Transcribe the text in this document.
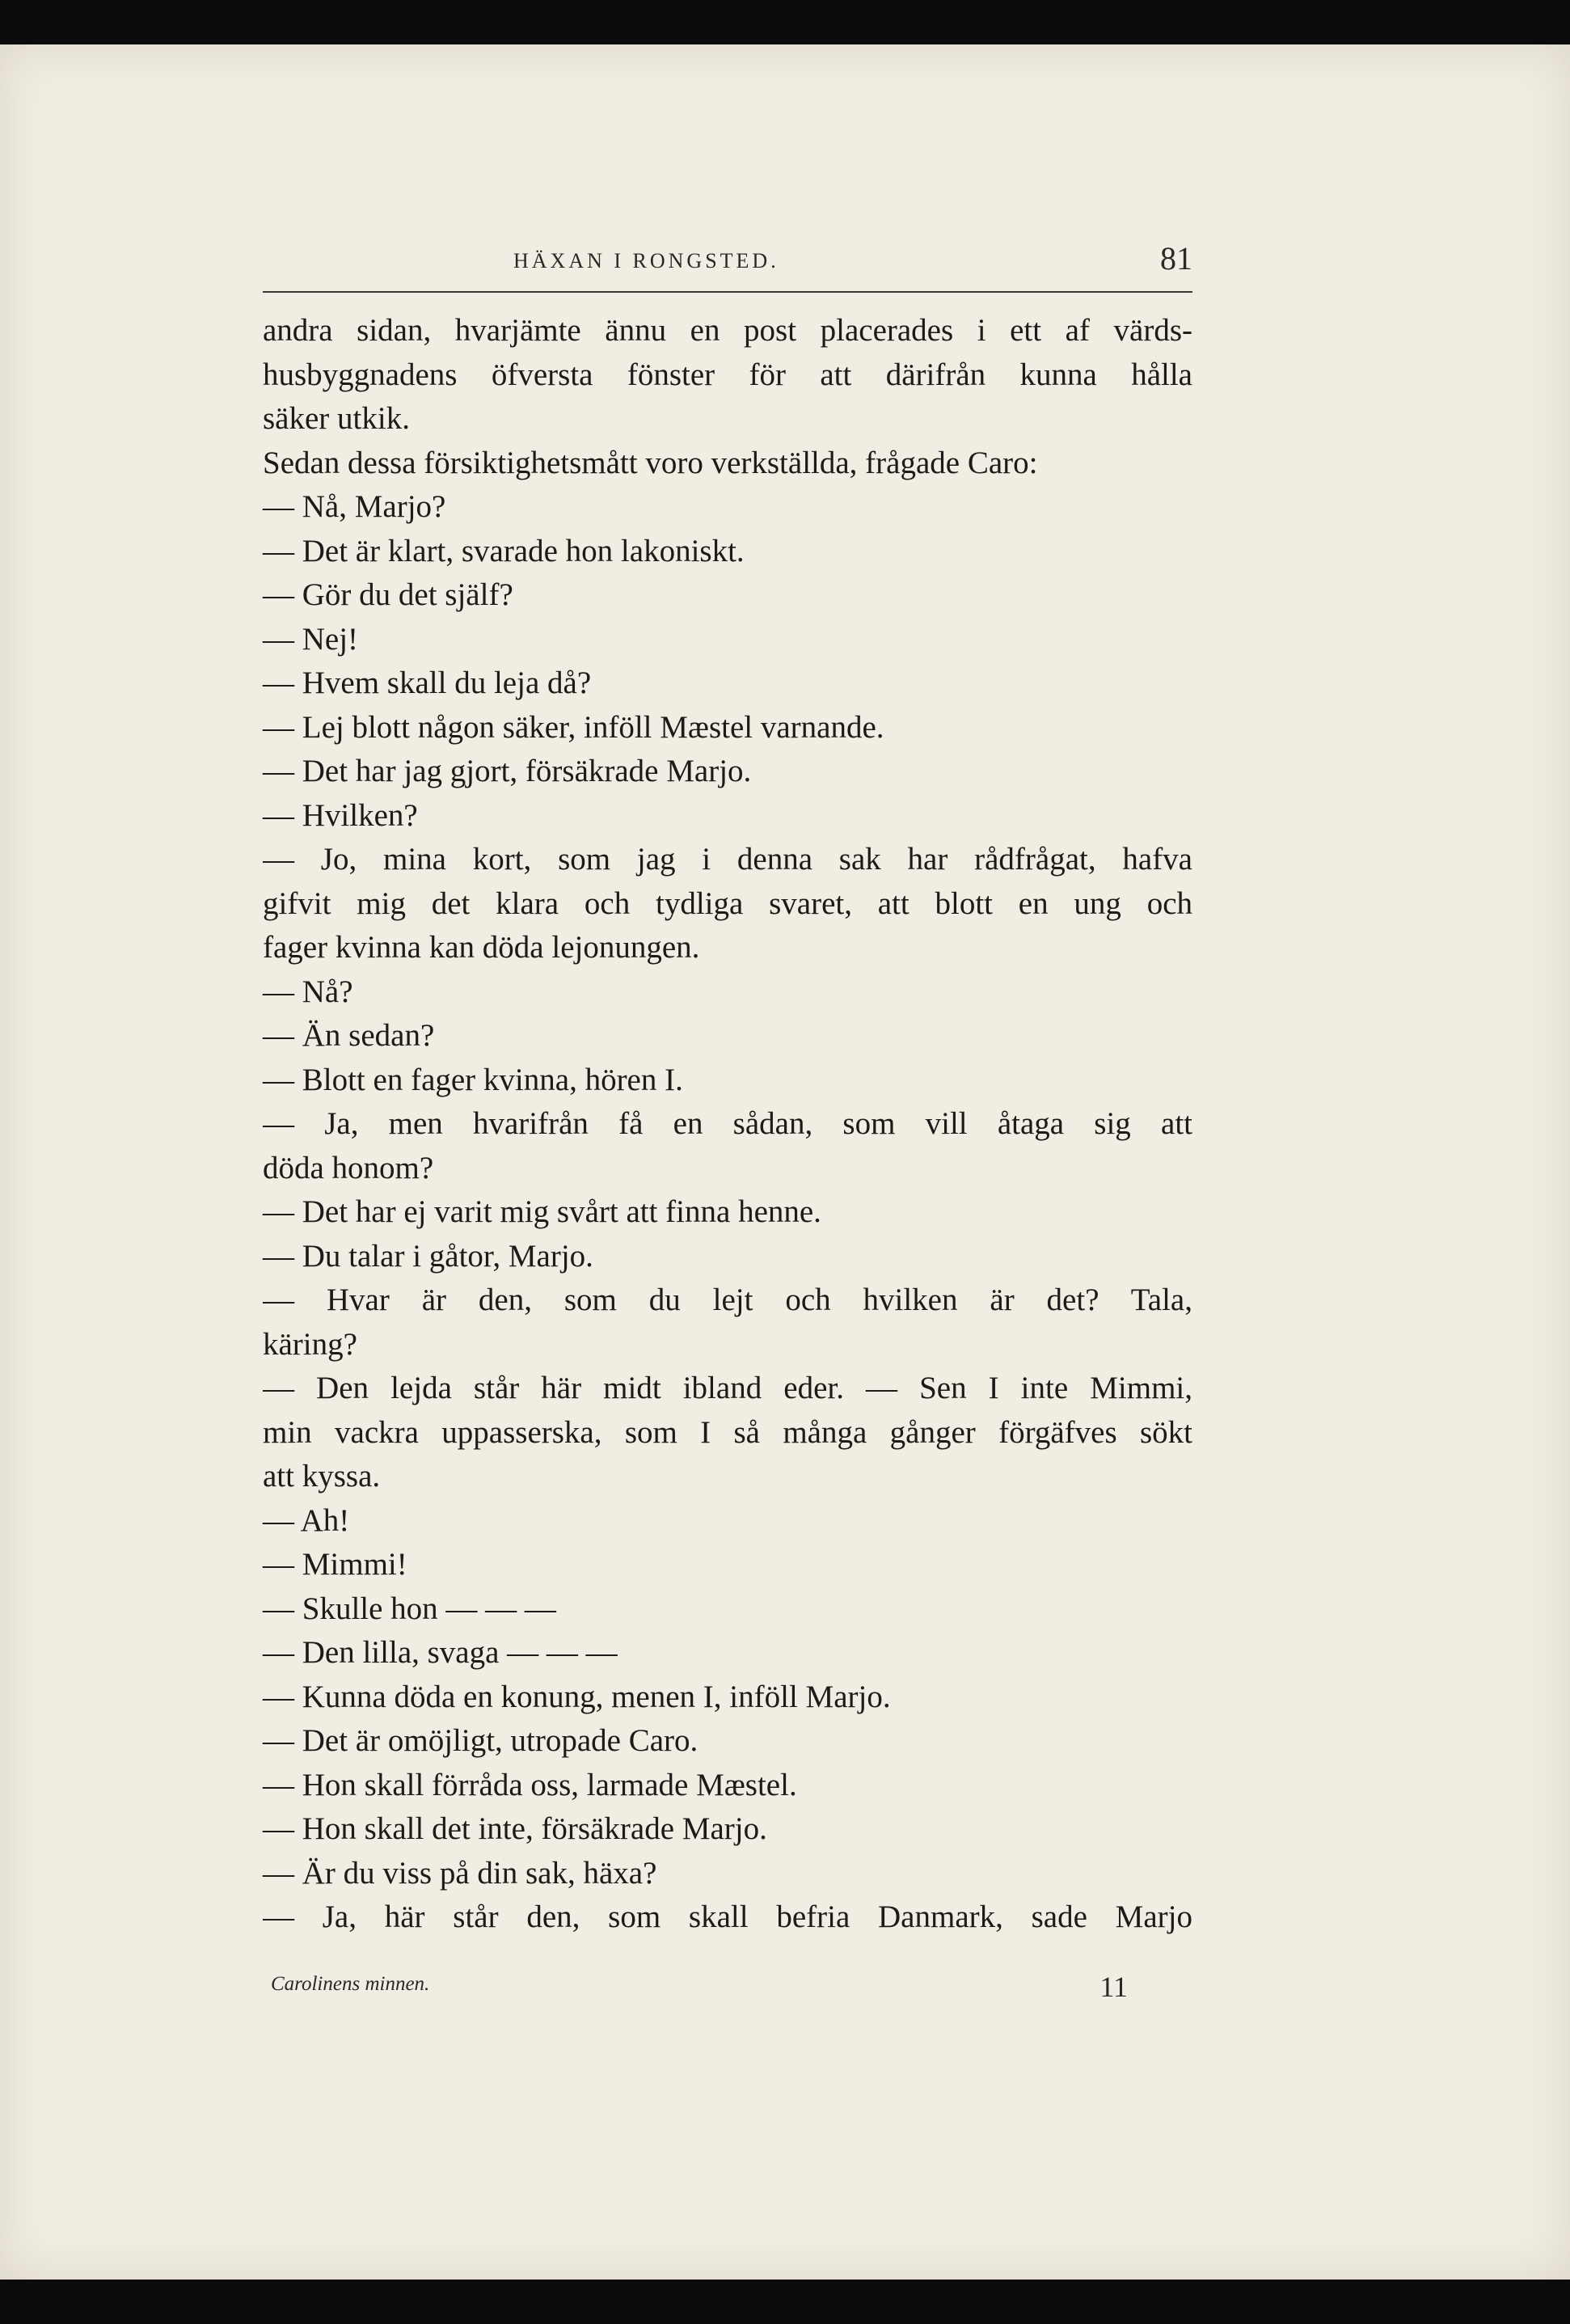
HÄXAN I RONGSTED.	81
andra sidan, hvarjämte ännu en post placerades i ett af värds-
husbyggnadens öfversta fönster för att därifrån kunna hålla
säker utkik.
Sedan dessa försiktighetsmått voro verkställda, frågade Caro:
— Nå, Marjo?
— Det är klart, svarade hon lakoniskt.
— Gör du det själf?
— Nej!
— Hvem skall du leja då?
— Lej blott någon säker, inföll Mæstel varnande.
— Det har jag gjort, försäkrade Marjo.
— Hvilken?
— Jo, mina kort, som jag i denna sak har rådfrågat, hafva
gifvit mig det klara och tydliga svaret, att blott en ung och
fager kvinna kan döda lejonungen.
— Nå?
— Än sedan?
— Blott en fager kvinna, hören I.
— Ja, men hvarifrån få en sådan, som vill åtaga sig att
döda honom?
— Det har ej varit mig svårt att finna henne.
— Du talar i gåtor, Marjo.
— Hvar är den, som du lejt och hvilken är det? Tala,
käring?
— Den lejda står här midt ibland eder. — Sen I inte Mimmi,
min vackra uppasserska, som I så många gånger förgäfves sökt
att kyssa.
— Ah!
— Mimmi!
— Skulle hon — — —
— Den lilla, svaga — — —
— Kunna döda en konung, menen I, inföll Marjo.
— Det är omöjligt, utropade Caro.
— Hon skall förråda oss, larmade Mæstel.
— Hon skall det inte, försäkrade Marjo.
— Är du viss på din sak, häxa?
— Ja, här står den, som skall befria Danmark, sade Marjo
Carolinens minnen.	11
